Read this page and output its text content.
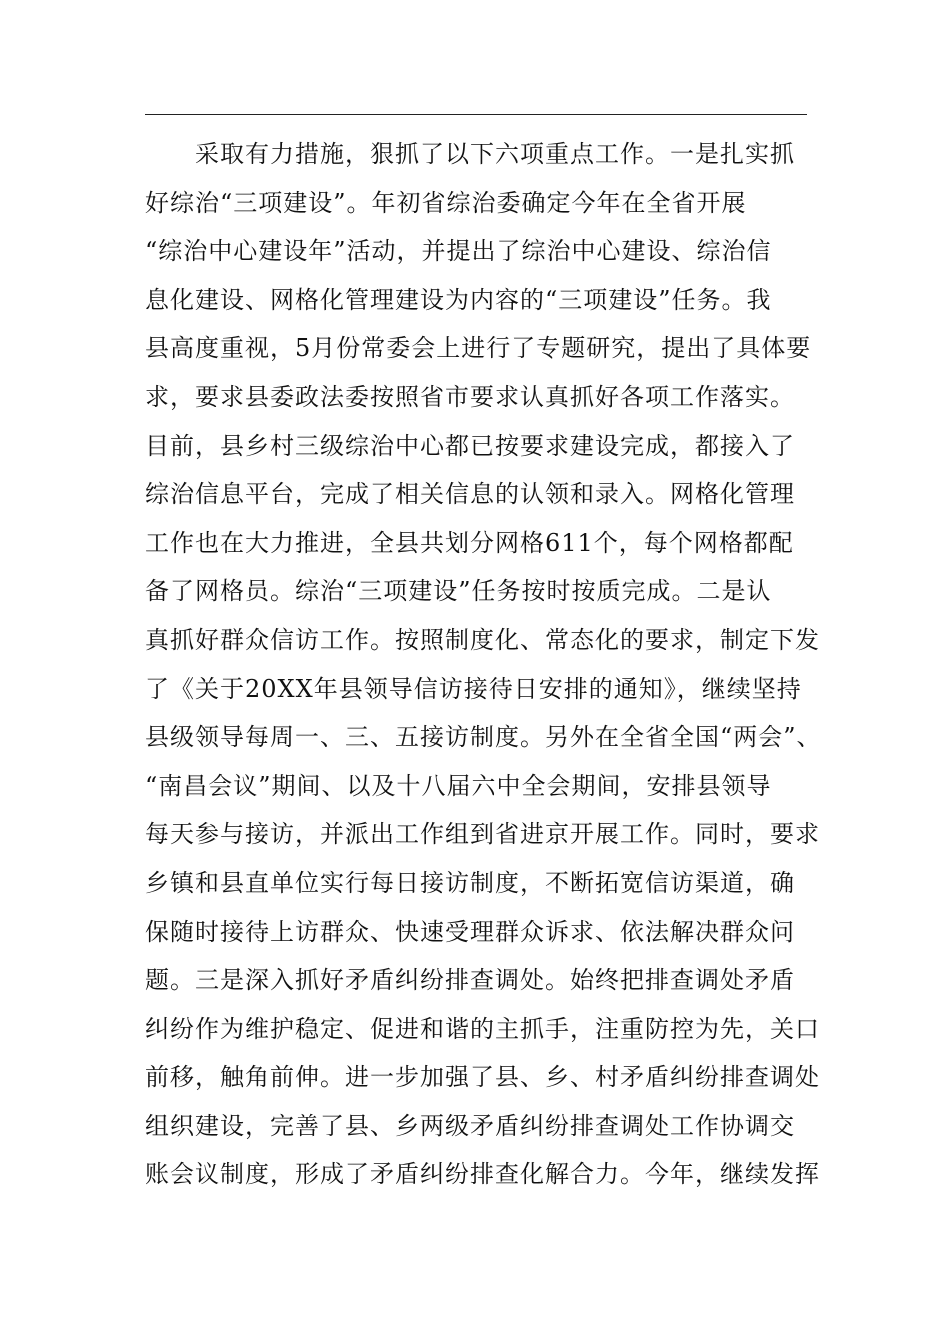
　　采取有力措施，狠抓了以下六项重点工作。一是扎实抓
好综治“三项建设”。年初省综治委确定今年在全省开展
“综治中心建设年”活动，并提出了综治中心建设、综治信
息化建设、网格化管理建设为内容的“三项建设”任务。我
县高度重视，5月份常委会上进行了专题研究，提出了具体要
求，要求县委政法委按照省市要求认真抓好各项工作落实。
目前，县乡村三级综治中心都已按要求建设完成，都接入了
综治信息平台，完成了相关信息的认领和录入。网格化管理
工作也在大力推进，全县共划分网格611个，每个网格都配
备了网格员。综治“三项建设”任务按时按质完成。二是认
真抓好群众信访工作。按照制度化、常态化的要求，制定下发
了《关于20XX年县领导信访接待日安排的通知》，继续坚持
县级领导每周一、三、五接访制度。另外在全省全国“两会”、
“南昌会议”期间、以及十八届六中全会期间，安排县领导
每天参与接访，并派出工作组到省进京开展工作。同时，要求
乡镇和县直单位实行每日接访制度，不断拓宽信访渠道，确
保随时接待上访群众、快速受理群众诉求、依法解决群众问
题。三是深入抓好矛盾纠纷排查调处。始终把排查调处矛盾
纠纷作为维护稳定、促进和谐的主抓手，注重防控为先，关口
前移，触角前伸。进一步加强了县、乡、村矛盾纠纷排查调处
组织建设，完善了县、乡两级矛盾纠纷排查调处工作协调交
账会议制度，形成了矛盾纠纷排查化解合力。今年，继续发挥
